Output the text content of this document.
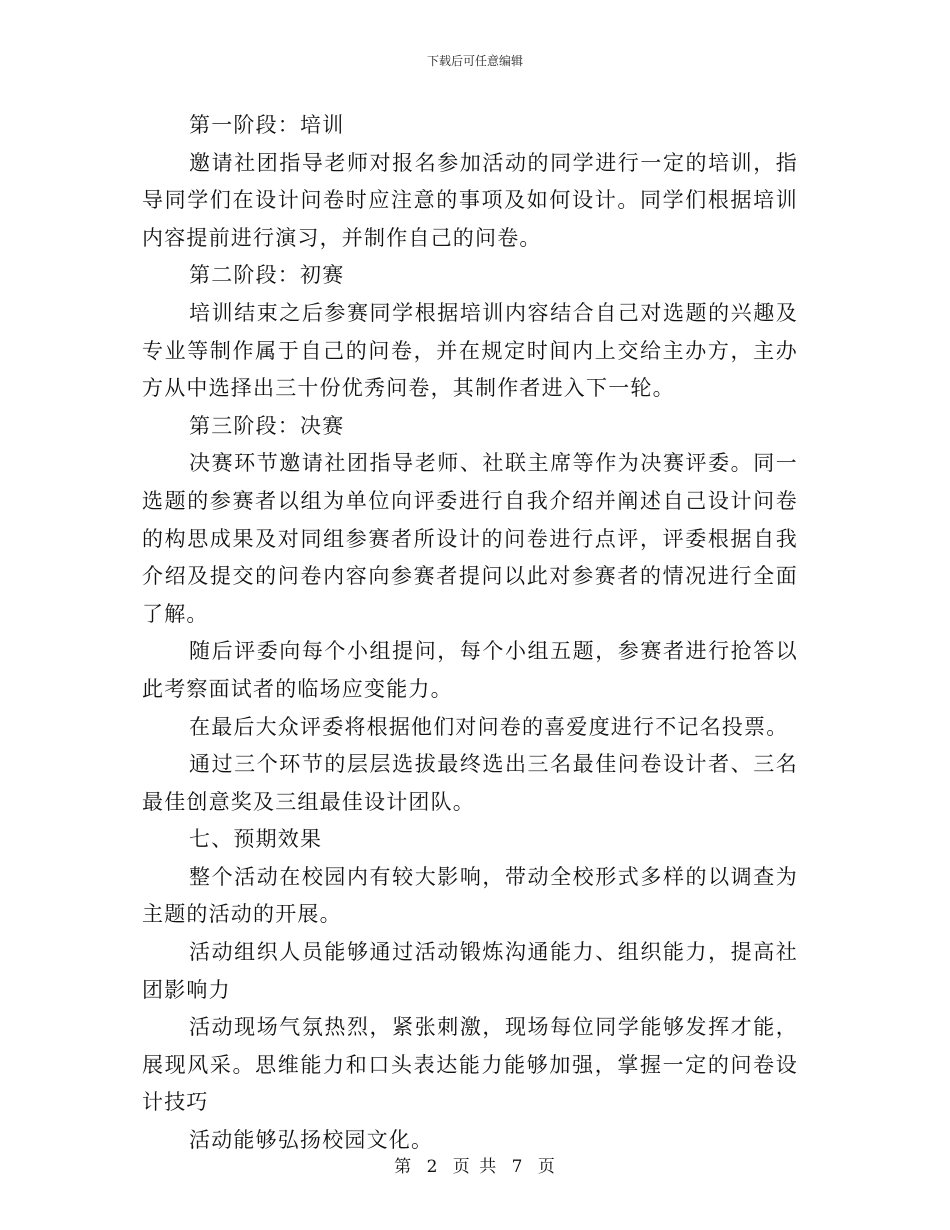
下载后可任意编辑

第一阶段：培训

邀请社团指导老师对报名参加活动的同学进行一定的培训，指导同学们在设计问卷时应注意的事项及如何设计。同学们根据培训内容提前进行演习，并制作自己的问卷。

第二阶段：初赛

培训结束之后参赛同学根据培训内容结合自己对选题的兴趣及专业等制作属于自己的问卷，并在规定时间内上交给主办方，主办方从中选择出三十份优秀问卷，其制作者进入下一轮。

第三阶段：决赛

决赛环节邀请社团指导老师、社联主席等作为决赛评委。同一选题的参赛者以组为单位向评委进行自我介绍并阐述自己设计问卷的构思成果及对同组参赛者所设计的问卷进行点评，评委根据自我介绍及提交的问卷内容向参赛者提问以此对参赛者的情况进行全面了解。

随后评委向每个小组提问，每个小组五题，参赛者进行抢答以此考察面试者的临场应变能力。

在最后大众评委将根据他们对问卷的喜爱度进行不记名投票。

通过三个环节的层层选拔最终选出三名最佳问卷设计者、三名最佳创意奖及三组最佳设计团队。

七、预期效果

整个活动在校园内有较大影响，带动全校形式多样的以调查为主题的活动的开展。

活动组织人员能够通过活动锻炼沟通能力、组织能力，提高社团影响力

活动现场气氛热烈，紧张刺激，现场每位同学能够发挥才能，展现风采。思维能力和口头表达能力能够加强，掌握一定的问卷设计技巧

活动能够弘扬校园文化。

第 2 页 共 7 页
